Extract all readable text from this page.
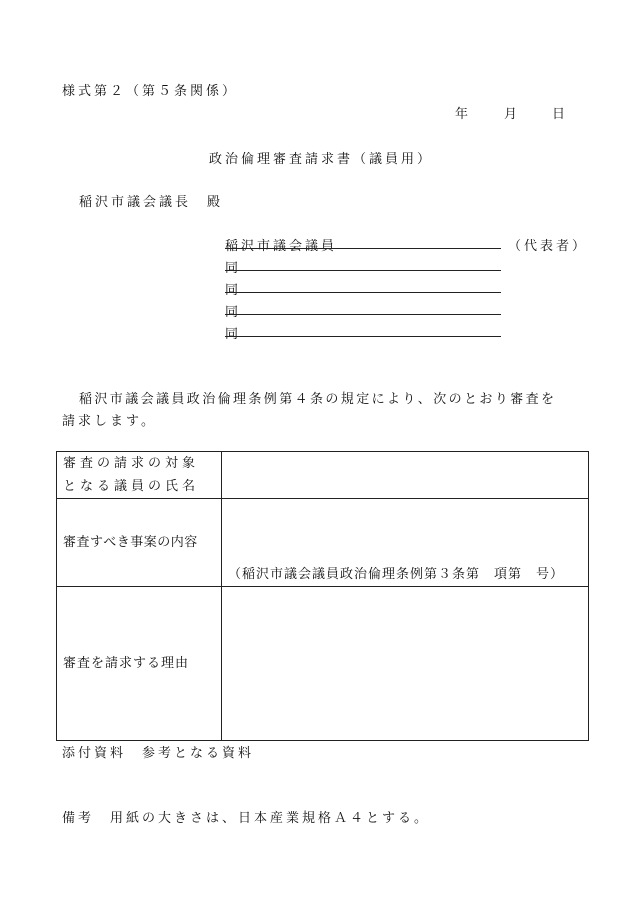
様式第２（第５条関係）
年	月	日
政治倫理審査請求書（議員用）
稲沢市議会議長　殿
稲沢市議会議員	（代表者）
同
同
同
同
稲沢市議会議員政治倫理条例第４条の規定により、次のとおり審査を
請求します。
審査の請求の対象
となる議員の氏名	

審査すべき事案の内容	（稲沢市議会議員政治倫理条例第３条第　項第　号）

審査を請求する理由	
添付資料　参考となる資料
備考　用紙の大きさは、日本産業規格Ａ４とする。
